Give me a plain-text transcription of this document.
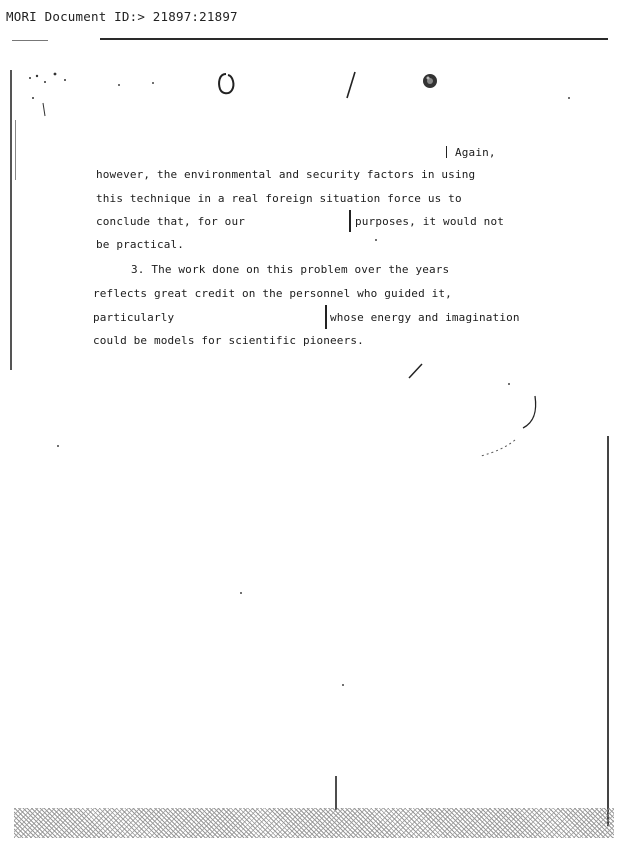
MORI Document ID:> 21897:21897
Again,
however, the environmental and security factors in using
this technique in a real foreign situation force us to
conclude that, for our	purposes, it would not
be practical.
3. The work done on this problem over the years
reflects great credit on the personnel who guided it,
particularly	whose energy and imagination
could be models for scientific pioneers.
